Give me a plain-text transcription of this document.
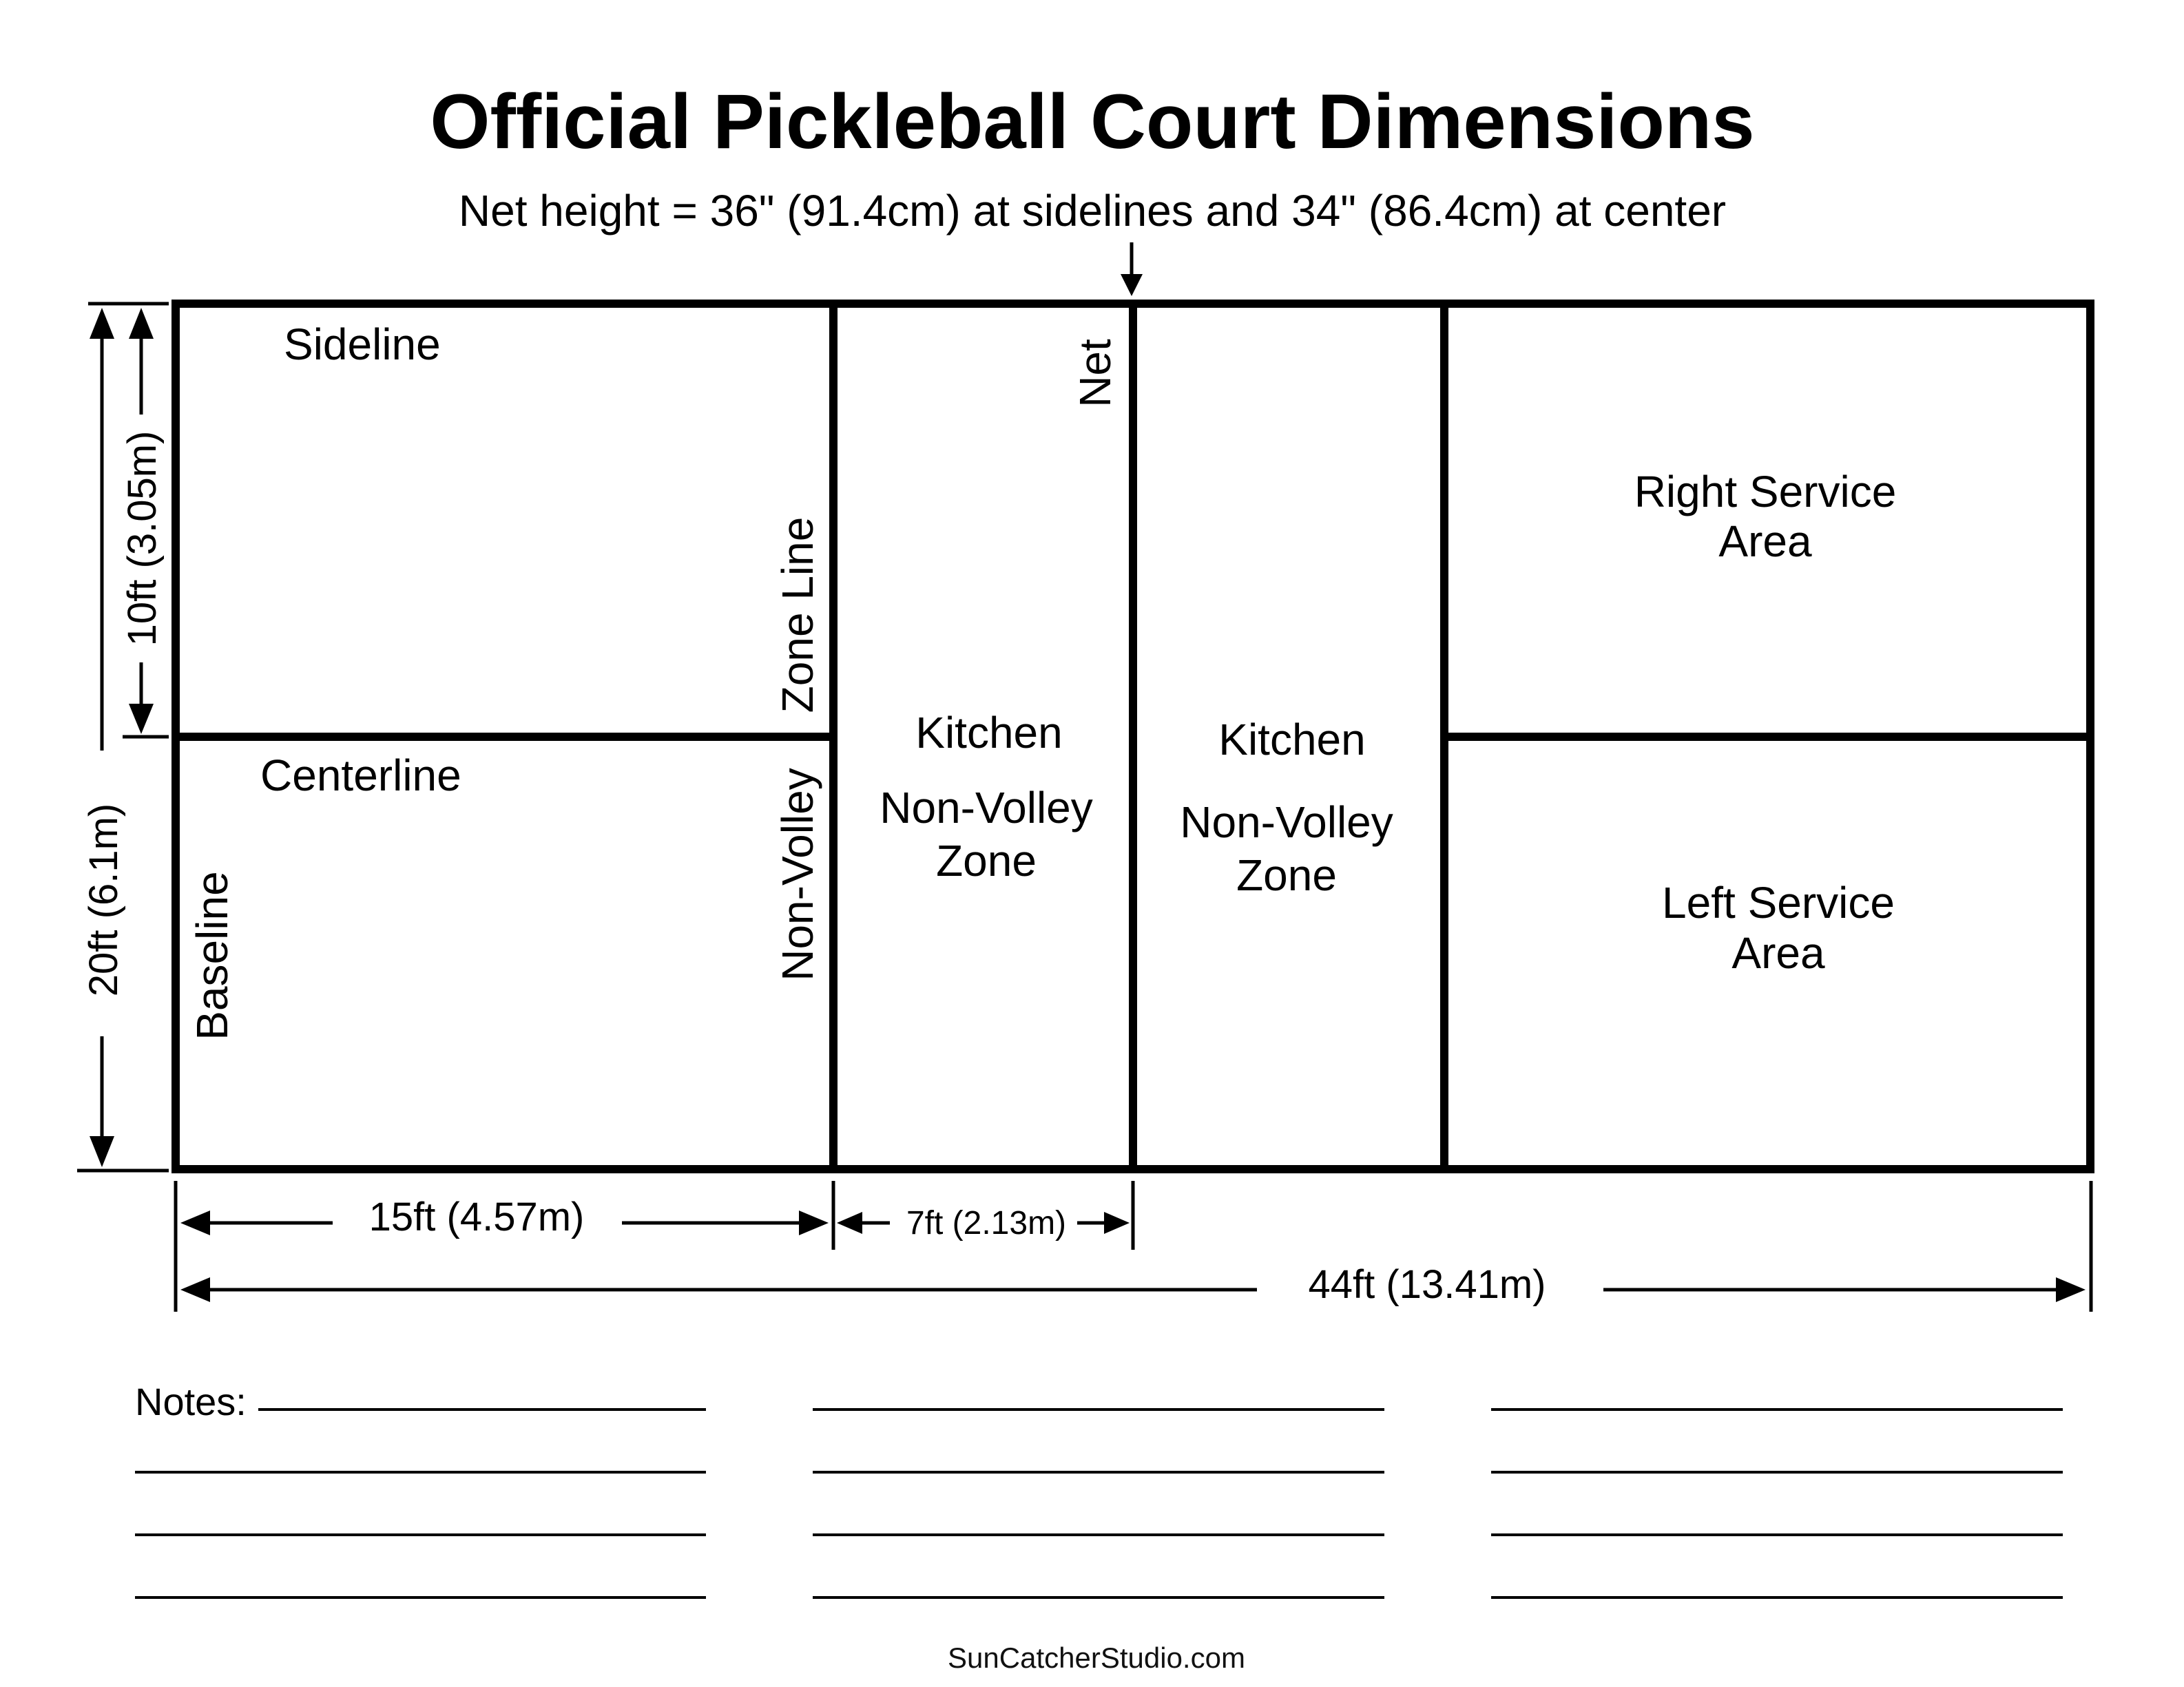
Official Pickleball Court Dimensions
Net height = 36" (91.4cm) at sidelines and 34" (86.4cm) at center
Sideline
Centerline
Baseline
Zone Line
Non-Volley
Net
Kitchen
Non-Volley
Zone
Kitchen
Non-Volley
Zone
Right Service
Area
Left Service
Area
20ft (6.1m)
10ft (3.05m)
15ft (4.57m)	7ft (2.13m)
44ft (13.41m)
Notes:
SunCatcherStudio.com
